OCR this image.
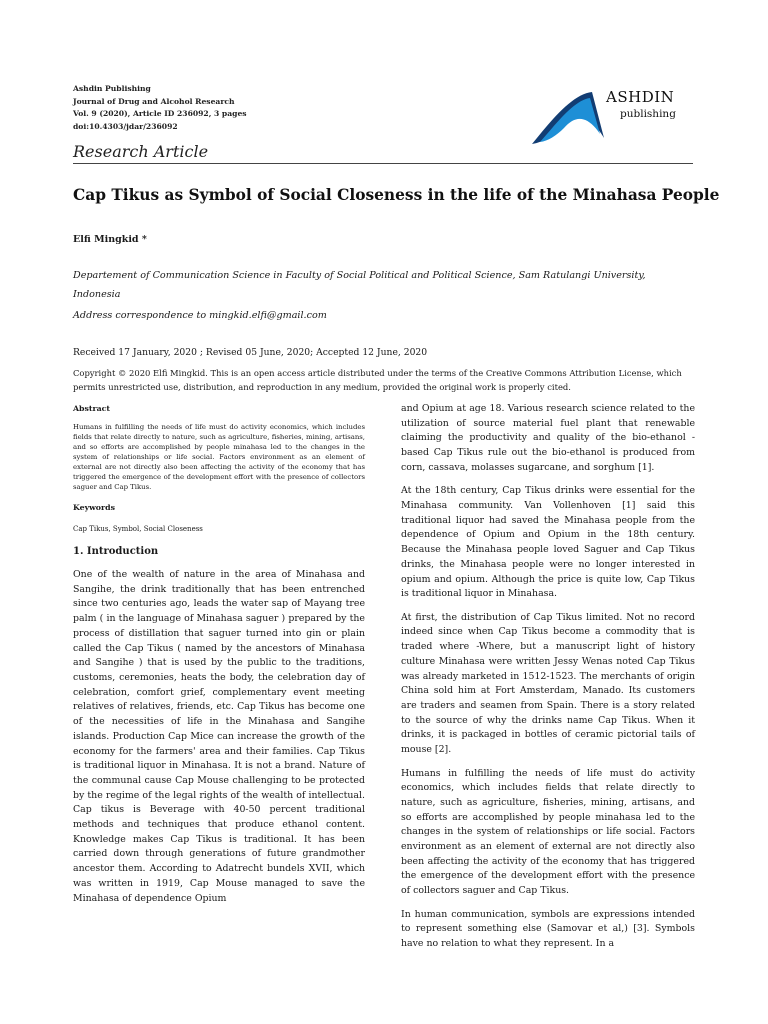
Ashdin Publishing
Journal of Drug and Alcohol Research
Vol. 9 (2020), Article ID 236092, 3 pages
doi:10.4303/jdar/236092
ASHDIN
publishing
Research Article
Cap Tikus as Symbol of Social Closeness in the life of the Minahasa People
Elfi Mingkid *
Departement of Communication Science in Faculty of Social Political and Political Science, Sam Ratulangi University, Indonesia
Address correspondence to mingkid.elfi@gmail.com
Received 17 January, 2020 ; Revised 05 June, 2020; Accepted 12 June, 2020
Copyright © 2020 Elfi Mingkid. This is an open access article distributed under the terms of the Creative Commons Attribution License, which permits unrestricted use, distribution, and reproduction in any medium, provided the original work is properly cited.
Abstract

Humans in fulfilling the needs of life must do activity economics, which includes fields that relate directly to nature, such as agriculture, fisheries, mining, artisans, and so efforts are accomplished by people minahasa led to the changes in the system of relationships or life social. Factors environment as an element of external are not directly also been affecting the activity of the economy that has triggered the emergence of the development effort with the presence of collectors saguer and Cap Tikus.

Keywords

Cap Tikus, Symbol, Social Closeness

1. Introduction

One of the wealth of nature in the area of Minahasa and Sangihe, the drink traditionally that has been entrenched since two centuries ago, leads the water sap of Mayang tree palm ( in the language of Minahasa saguer ) prepared by the process of distillation that saguer turned into gin or plain called the Cap Tikus ( named by the ancestors of Minahasa and Sangihe ) that is used by the public to the traditions, customs, ceremonies, heats the body, the celebration day of celebration, comfort grief, complementary event meeting relatives of relatives, friends, etc. Cap Tikus has become one of the necessities of life in the Minahasa and Sangihe islands. Production Cap Mice can increase the growth of the economy for the farmers' area and their families. Cap Tikus is traditional liquor in Minahasa. It is not a brand. Nature of the communal cause Cap Mouse challenging to be protected by the regime of the legal rights of the wealth of intellectual. Cap tikus is Beverage with 40-50 percent traditional methods and techniques that produce ethanol content. Knowledge makes Cap Tikus is traditional. It has been carried down through generations of future grandmother ancestor them. According to Adatrecht bundels XVII, which was written in 1919, Cap Mouse managed to save the Minahasa of dependence Opium

and Opium at age 18. Various research science related to the utilization of source material fuel plant that renewable claiming the productivity and quality of the bio-ethanol -based Cap Tikus rule out the bio-ethanol is produced from corn, cassava, molasses sugarcane, and sorghum [1].

At the 18th century, Cap Tikus drinks were essential for the Minahasa community. Van Vollenhoven [1] said this traditional liquor had saved the Minahasa people from the dependence of Opium and Opium in the 18th century. Because the Minahasa people loved Saguer and Cap Tikus drinks, the Minahasa people were no longer interested in opium and opium. Although the price is quite low, Cap Tikus is traditional liquor in Minahasa.

At first, the distribution of Cap Tikus limited. Not no record indeed since when Cap Tikus become a commodity that is traded where -Where, but a manuscript light of history culture Minahasa were written Jessy Wenas noted Cap Tikus was already marketed in 1512-1523. The merchants of origin China sold him at Fort Amsterdam, Manado. Its customers are traders and seamen from Spain. There is a story related to the source of why the drinks name Cap Tikus. When it drinks, it is packaged in bottles of ceramic pictorial tails of mouse [2].

Humans in fulfilling the needs of life must do activity economics, which includes fields that relate directly to nature, such as agriculture, fisheries, mining, artisans, and so efforts are accomplished by people minahasa led to the changes in the system of relationships or life social. Factors environment as an element of external are not directly also been affecting the activity of the economy that has triggered the emergence of the development effort with the presence of collectors saguer and Cap Tikus.

In human communication, symbols are expressions intended to represent something else (Samovar et al,) [3]. Symbols have no relation to what they represent. In a
